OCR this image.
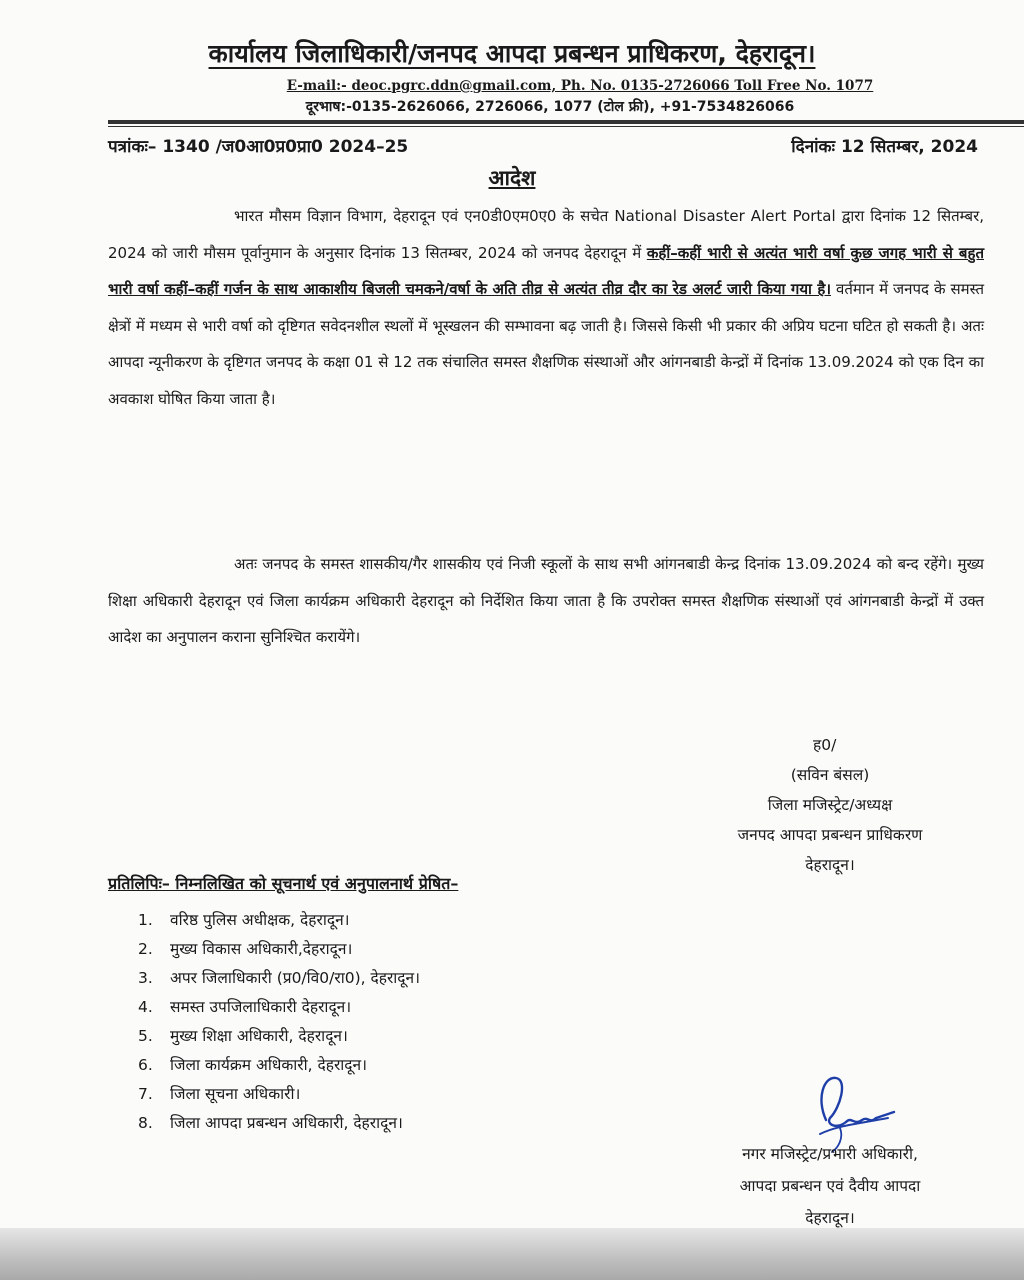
कार्यालय जिलाधिकारी/जनपद आपदा प्रबन्धन प्राधिकरण, देहरादून।
E-mail:- deoc.pgrc.ddn@gmail.com, Ph. No. 0135-2726066 Toll Free No. 1077
दूरभाष:-0135-2626066, 2726066, 1077 (टोल फ्री), +91-7534826066
पत्रांकः– 1340 /ज0आ0प्र0प्रा0 2024–25	दिनांकः 12 सितम्बर, 2024
आदेश
भारत मौसम विज्ञान विभाग, देहरादून एवं एन0डी0एम0ए0 के सचेत National Disaster Alert Portal द्वारा दिनांक 12 सितम्बर, 2024 को जारी मौसम पूर्वानुमान के अनुसार दिनांक 13 सितम्बर, 2024 को जनपद देहरादून में कहीं–कहीं भारी से अत्यंत भारी वर्षा कुछ जगह भारी से बहुत भारी वर्षा कहीं–कहीं गर्जन के साथ आकाशीय बिजली चमकने/वर्षा के अति तीव्र से अत्यंत तीव्र दौर का रेड अलर्ट जारी किया गया है। वर्तमान में जनपद के समस्त क्षेत्रों में मध्यम से भारी वर्षा को दृष्टिगत सवेदनशील स्थलों में भूस्खलन की सम्भावना बढ़ जाती है। जिससे किसी भी प्रकार की अप्रिय घटना घटित हो सकती है। अतः आपदा न्यूनीकरण के दृष्टिगत जनपद के कक्षा 01 से 12 तक संचालित समस्त शैक्षणिक संस्थाओं और आंगनबाडी केन्द्रों में दिनांक 13.09.2024 को एक दिन का अवकाश घोषित किया जाता है।
अतः जनपद के समस्त शासकीय/गैर शासकीय एवं निजी स्कूलों के साथ सभी आंगनबाडी केन्द्र दिनांक 13.09.2024 को बन्द रहेंगे। मुख्य शिक्षा अधिकारी देहरादून एवं जिला कार्यक्रम अधिकारी देहरादून को निर्देशित किया जाता है कि उपरोक्त समस्त शैक्षणिक संस्थाओं एवं आंगनबाडी केन्द्रों में उक्त आदेश का अनुपालन कराना सुनिश्चित करायेंगे।
ह0/
(सविन बंसल)
जिला मजिस्ट्रेट/अध्यक्ष
जनपद आपदा प्रबन्धन प्राधिकरण
देहरादून।
प्रतिलिपिः– निम्नलिखित को सूचनार्थ एवं अनुपालनार्थ प्रेषित–
1.	वरिष्ठ पुलिस अधीक्षक, देहरादून।
2.	मुख्य विकास अधिकारी,देहरादून।
3.	अपर जिलाधिकारी (प्र0/वि0/रा0), देहरादून।
4.	समस्त उपजिलाधिकारी देहरादून।
5.	मुख्य शिक्षा अधिकारी, देहरादून।
6.	जिला कार्यक्रम अधिकारी, देहरादून।
7.	जिला सूचना अधिकारी।
8.	जिला आपदा प्रबन्धन अधिकारी, देहरादून।
नगर मजिस्ट्रेट/प्रभारी अधिकारी,
आपदा प्रबन्धन एवं दैवीय आपदा
देहरादून।
